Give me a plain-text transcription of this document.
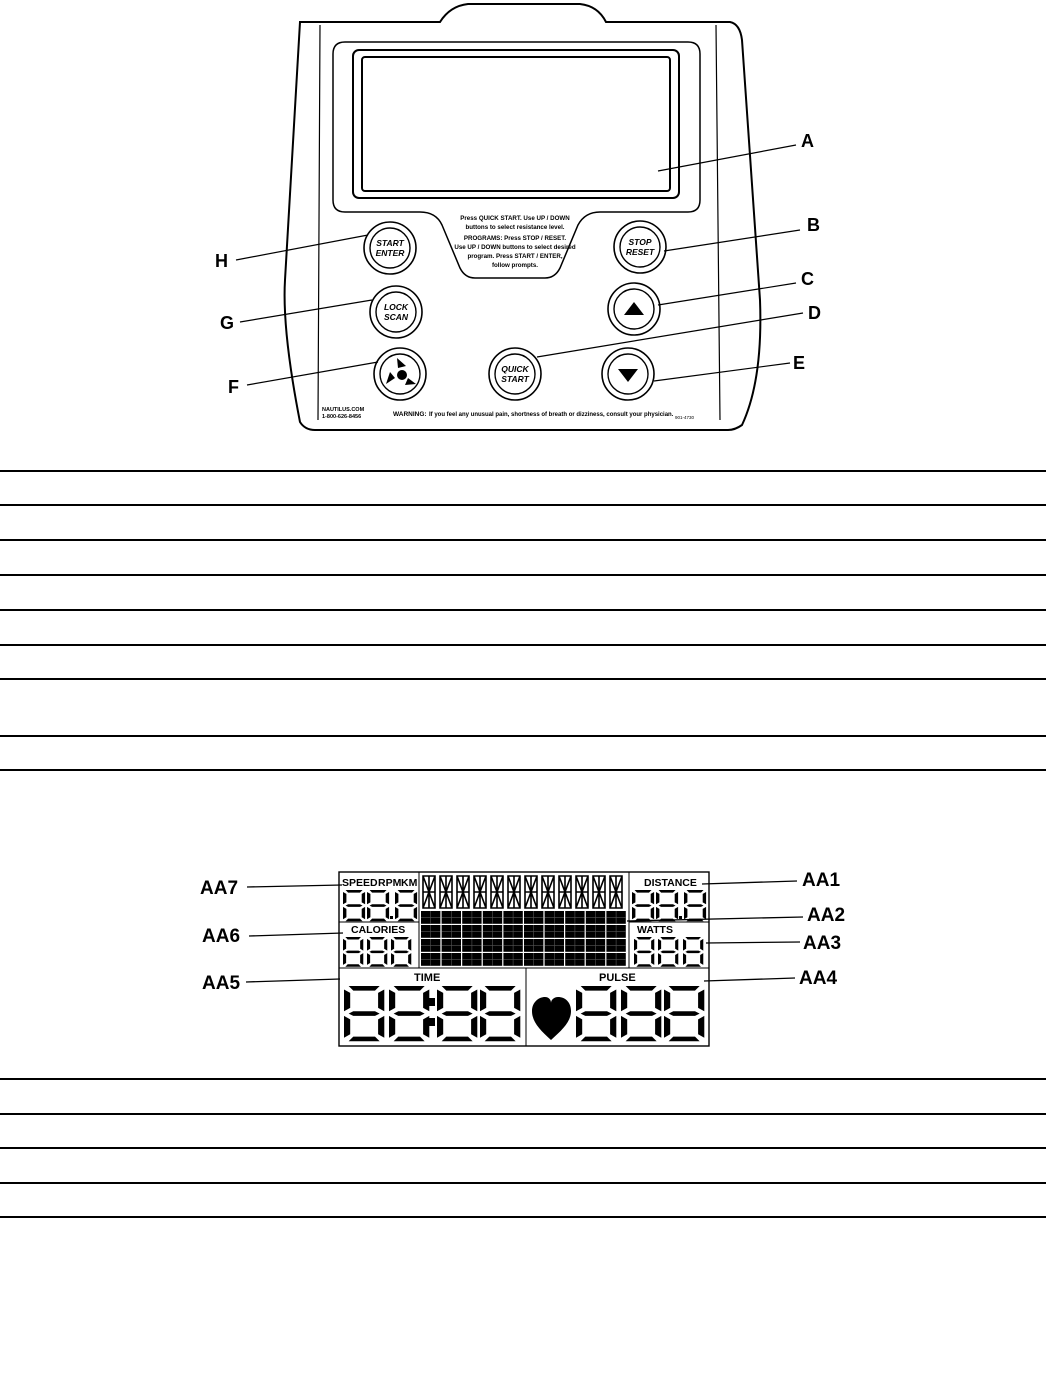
Press QUICK START. Use UP / DOWN
buttons to select resistance level.
PROGRAMS: Press STOP / RESET.
Use UP / DOWN buttons to select desired
program. Press START / ENTER,
follow prompts.
START
ENTER
STOP
RESET
LOCK
SCAN
QUICK
START
NAUTILUS.COM
1-800-626-8456	WARNING: If you feel any unusual pain, shortness of breath or dizziness, consult your physician. 901-4730
A
B
C
D
E
F
G
H
SPEED RPM KM	DISTANCE
CALORIES	WATTS
TIME	PULSE
AA1
AA2
AA3
AA4
AA5
AA6
AA7
